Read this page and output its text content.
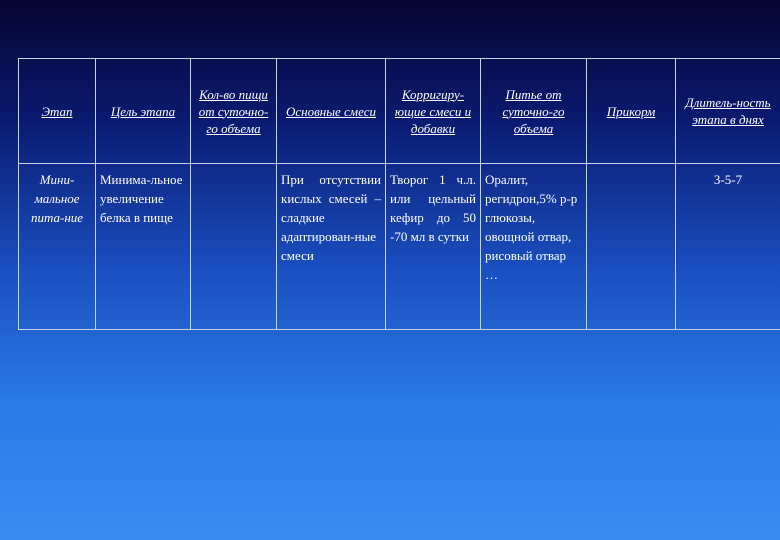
Этап	Цель этапа	Кол-во пищи от суточно-го объема	Основные смеси	Корригиру-ющие смеси и добавки	Питье от суточно-го объема	Прикорм	Длитель-ность этапа в днях
Мини-мальное пита-ние	Минима-льное увеличение белка в пище		При отсутствии кислых смесей – сладкие адаптирован-ные смеси	Творог 1 ч.л. или цельный кефир до 50 -70 мл в сутки	Оралит, регидрон,5% р-р глюкозы, овощной отвар, рисовый отвар …		3-5-7
